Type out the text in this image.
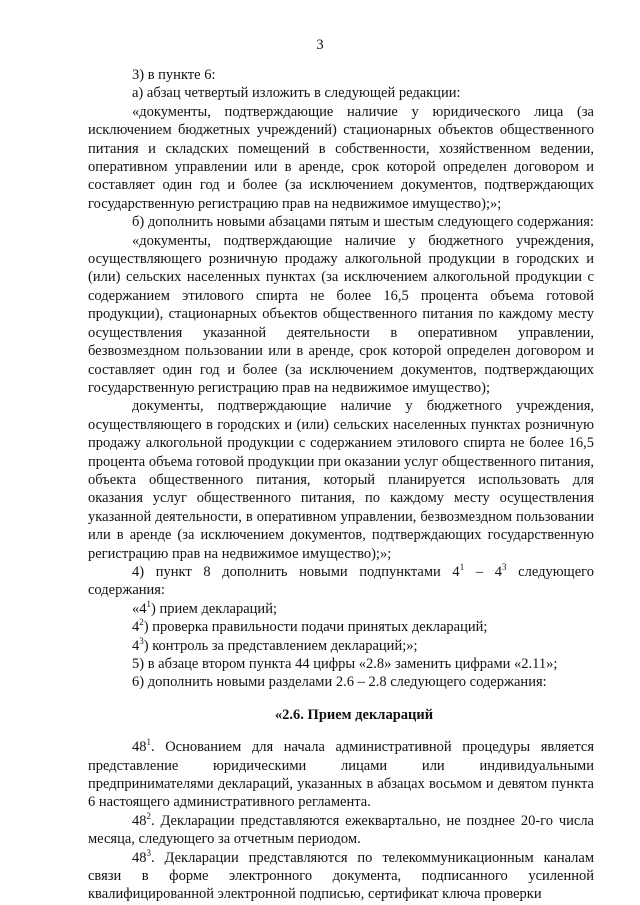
3

3) в пункте 6:

а) абзац четвертый изложить в следующей редакции:

«документы, подтверждающие наличие у юридического лица (за исключением бюджетных учреждений) стационарных объектов общественного питания и складских помещений в собственности, хозяйственном ведении, оперативном управлении или в аренде, срок которой определен договором и составляет один год и более (за исключением документов, подтверждающих государственную регистрацию прав на недвижимое имущество);»;

б) дополнить новыми абзацами пятым и шестым следующего содержания:

«документы, подтверждающие наличие у бюджетного учреждения, осуществляющего розничную продажу алкогольной продукции в городских и (или) сельских населенных пунктах (за исключением алкогольной продукции с содержанием этилового спирта не более 16,5 процента объема готовой продукции), стационарных объектов общественного питания по каждому месту осуществления указанной деятельности в оперативном управлении, безвозмездном пользовании или в аренде, срок которой определен договором и составляет один год и более (за исключением документов, подтверждающих государственную регистрацию прав на недвижимое имущество);

документы, подтверждающие наличие у бюджетного учреждения, осуществляющего в городских и (или) сельских населенных пунктах розничную продажу алкогольной продукции с содержанием этилового спирта не более 16,5 процента объема готовой продукции при оказании услуг общественного питания, объекта общественного питания, который планируется использовать для оказания услуг общественного питания, по каждому месту осуществления указанной деятельности, в оперативном управлении, безвозмездном пользовании или в аренде (за исключением документов, подтверждающих государственную регистрацию прав на недвижимое имущество);»;

4) пункт 8 дополнить новыми подпунктами $4^1 - 4^3$ следующего содержания:

«$4^1$) прием деклараций;

$4^2$) проверка правильности подачи принятых деклараций;

$4^3$) контроль за представлением деклараций;»;

5) в абзаце втором пункта 44 цифры «2.8» заменить цифрами «2.11»;

6) дополнить новыми разделами 2.6 – 2.8 следующего содержания:

«2.6. Прием деклараций

$48^1$. Основанием для начала административной процедуры является представление юридическими лицами или индивидуальными предпринимателями деклараций, указанных в абзацах восьмом и девятом пункта 6 настоящего административного регламента.

$48^2$. Декларации представляются ежеквартально, не позднее 20-го числа месяца, следующего за отчетным периодом.

$48^3$. Декларации представляются по телекоммуникационным каналам связи в форме электронного документа, подписанного усиленной квалифицированной электронной подписью, сертификат ключа проверки
